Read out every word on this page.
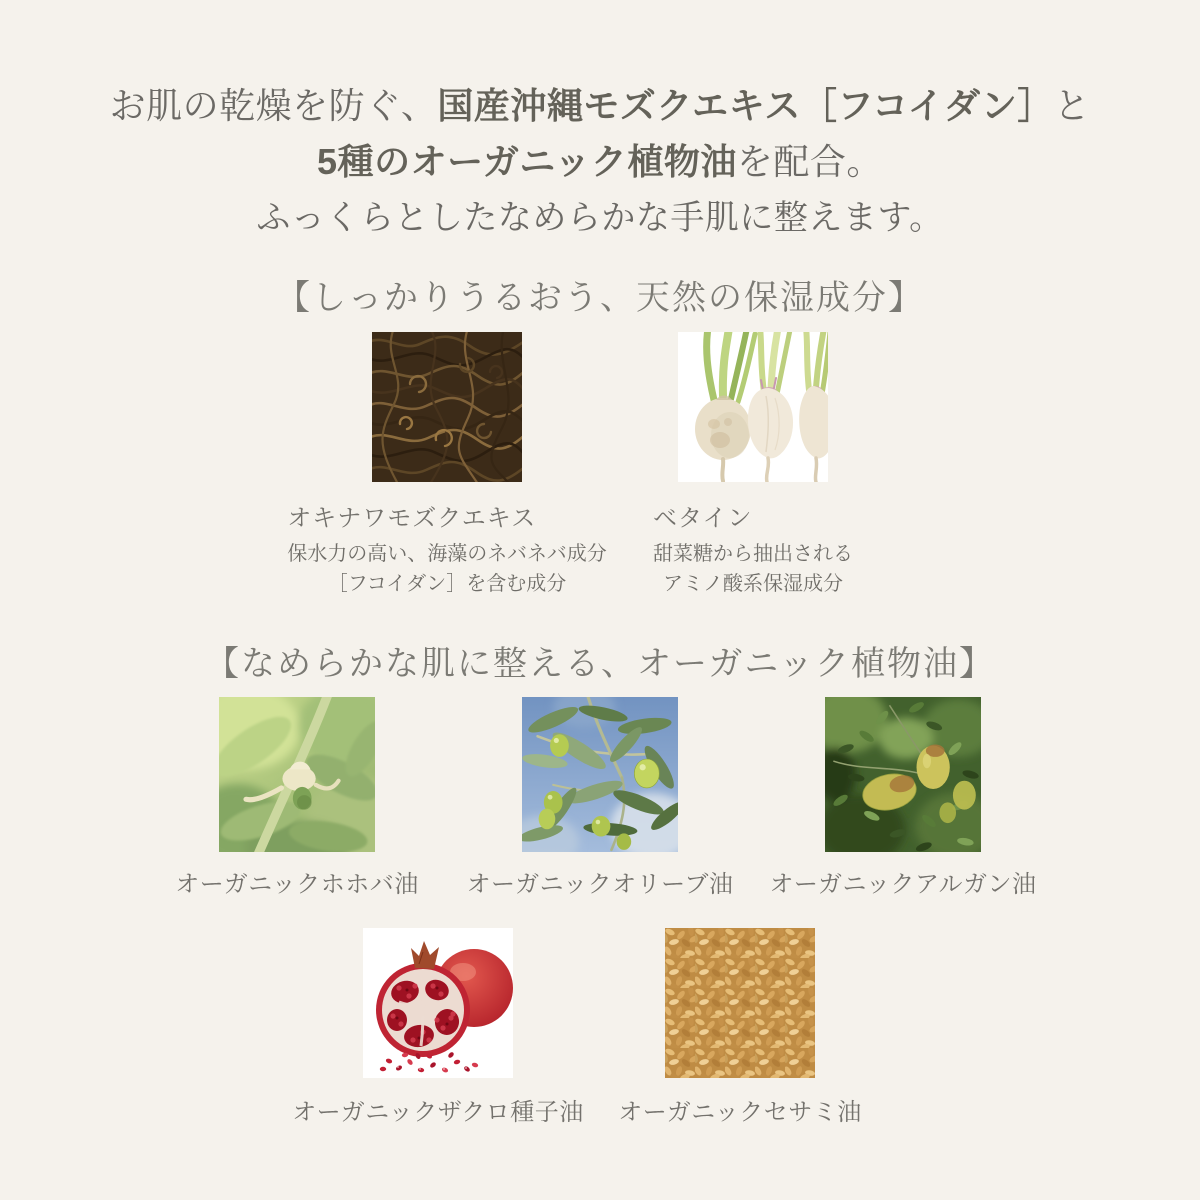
お肌の乾燥を防ぐ、国産沖縄モズクエキス［フコイダン］と
5種のオーガニック植物油を配合。
ふっくらとしたなめらかな手肌に整えます。
【しっかりうるおう、天然の保湿成分】
オキナワモズクエキス
保水力の高い、海藻のネバネバ成分
［フコイダン］を含む成分
ベタイン
甜菜糖から抽出される
アミノ酸系保湿成分
【なめらかな肌に整える、オーガニック植物油】
オーガニックホホバ油 オーガニックオリーブ油 オーガニックアルガン油
オーガニックザクロ種子油 オーガニックセサミ油
